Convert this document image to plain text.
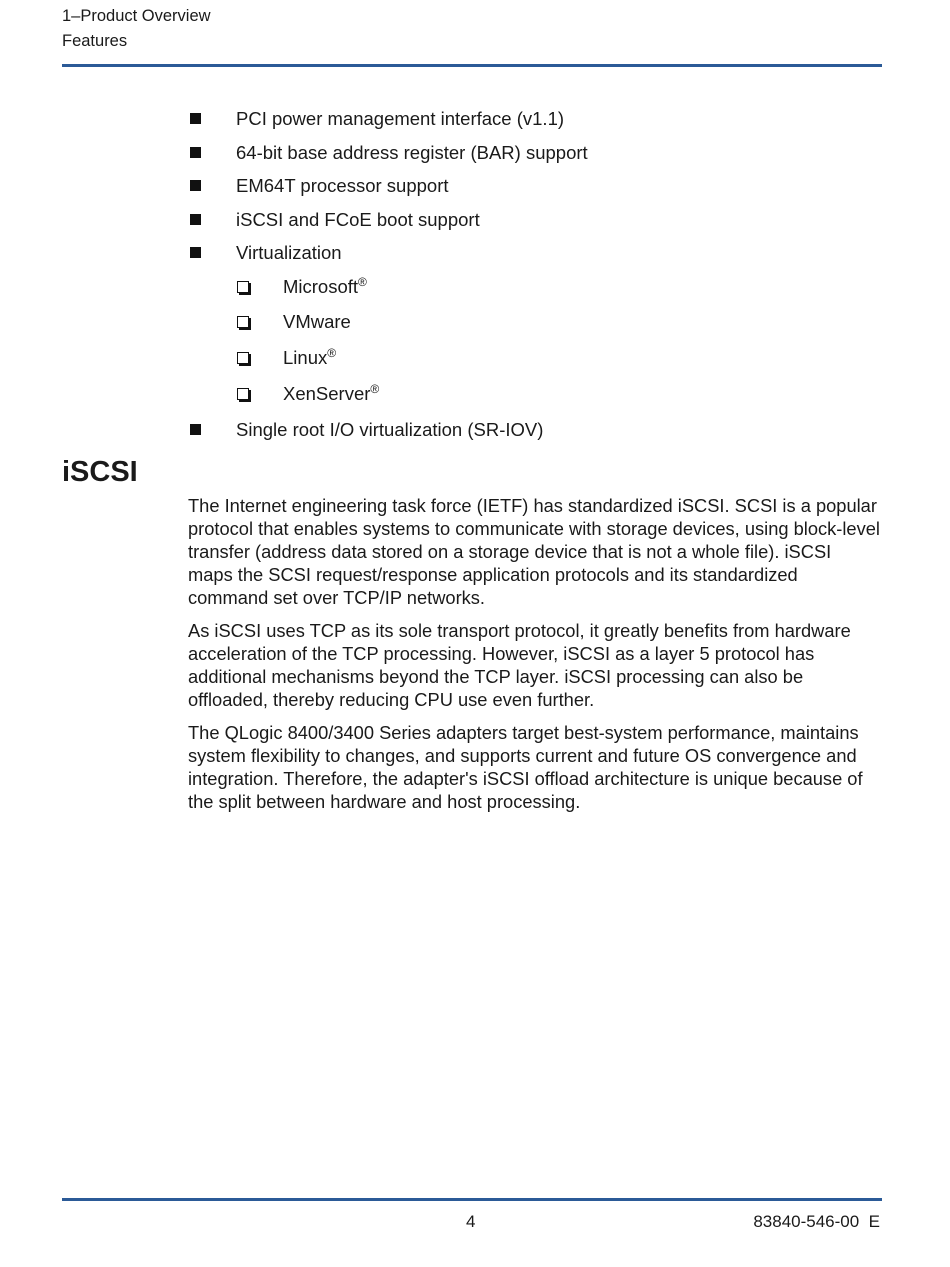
1–Product Overview
Features
PCI power management interface (v1.1)
64-bit base address register (BAR) support
EM64T processor support
iSCSI and FCoE boot support
Virtualization
Microsoft®
VMware
Linux®
XenServer®
Single root I/O virtualization (SR-IOV)
iSCSI

The Internet engineering task force (IETF) has standardized iSCSI. SCSI is a popular protocol that enables systems to communicate with storage devices, using block-level transfer (address data stored on a storage device that is not a whole file). iSCSI maps the SCSI request/response application protocols and its standardized command set over TCP/IP networks.

As iSCSI uses TCP as its sole transport protocol, it greatly benefits from hardware acceleration of the TCP processing. However, iSCSI as a layer 5 protocol has additional mechanisms beyond the TCP layer. iSCSI processing can also be offloaded, thereby reducing CPU use even further.

The QLogic 8400/3400 Series adapters target best-system performance, maintains system flexibility to changes, and supports current and future OS convergence and integration. Therefore, the adapter's iSCSI offload architecture is unique because of the split between hardware and host processing.

4	83840-546-00  E
